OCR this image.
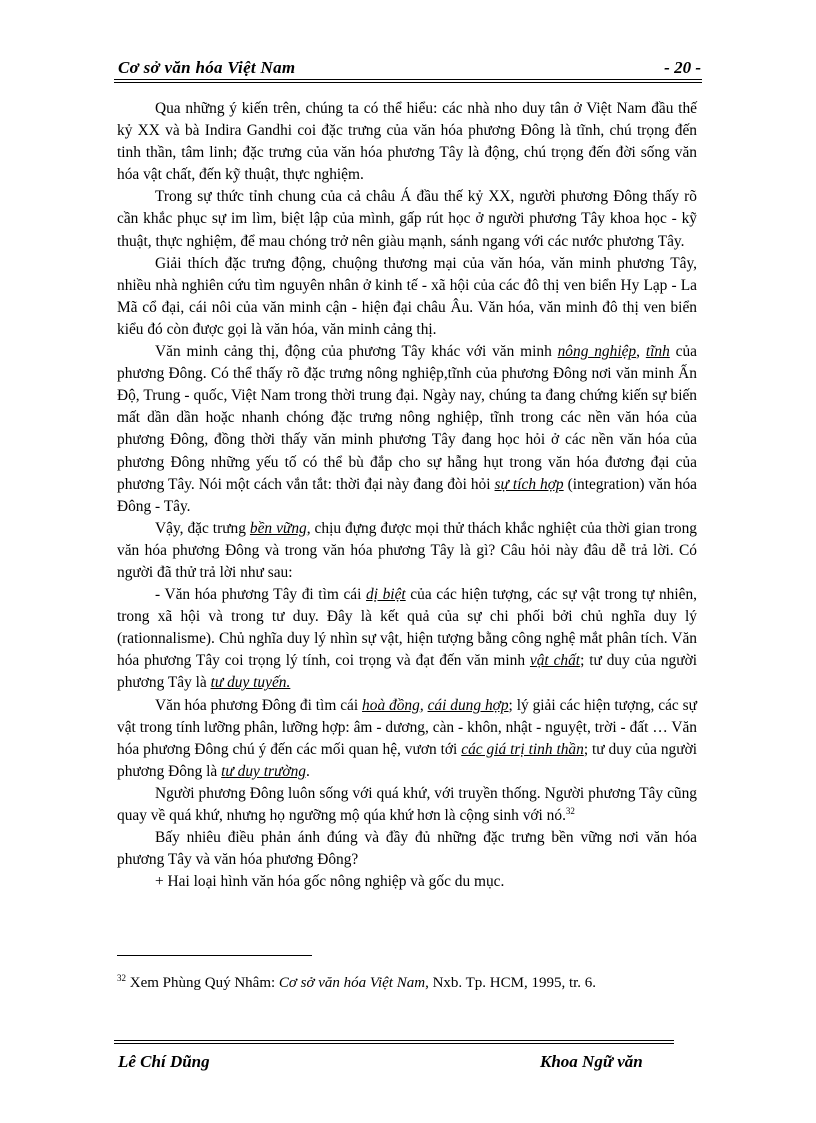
Cơ sở văn hóa Việt Nam	- 20 -

Qua những ý kiến trên, chúng ta có thể hiểu: các nhà nho duy tân ở Việt Nam đầu thế kỷ XX và bà Indira Gandhi coi đặc trưng của văn hóa phương Đông là tĩnh, chú trọng đến tinh thần, tâm linh; đặc trưng của văn hóa phương Tây là động, chú trọng đến đời sống văn hóa vật chất, đến kỹ thuật, thực nghiệm.

Trong sự thức tỉnh chung của cả châu Á đầu thế kỷ XX, người phương Đông thấy rõ cần khắc phục sự im lìm, biệt lập của mình, gấp rút học ở người phương Tây khoa học - kỹ thuật, thực nghiệm, để mau chóng trở nên giàu mạnh, sánh ngang với các nước phương Tây.

Giải thích đặc trưng động, chuộng thương mại của văn hóa, văn minh phương Tây, nhiều nhà nghiên cứu tìm nguyên nhân ở kinh tế - xã hội của các đô thị ven biển Hy Lạp - La Mã cổ đại, cái nôi của văn minh cận - hiện đại châu Âu. Văn hóa, văn minh đô thị ven biển kiểu đó còn được gọi là văn hóa, văn minh cảng thị.

Văn minh cảng thị, động của phương Tây khác với văn minh nông nghiệp, tĩnh của phương Đông. Có thể thấy rõ đặc trưng nông nghiệp,tĩnh của phương Đông nơi văn minh Ấn Độ, Trung - quốc, Việt Nam trong thời trung đại. Ngày nay, chúng ta đang chứng kiến sự biến mất dần dần hoặc nhanh chóng đặc trưng nông nghiệp, tĩnh trong các nền văn hóa của phương Đông, đồng thời thấy văn minh phương Tây đang học hỏi ở các nền văn hóa của phương Đông những yếu tố có thể bù đắp cho sự hẫng hụt trong văn hóa đương đại của phương Tây. Nói một cách vắn tắt: thời đại này đang đòi hỏi sự tích hợp (integration) văn hóa Đông - Tây.

Vậy, đặc trưng bền vững, chịu đựng được mọi thử thách khắc nghiệt của thời gian trong văn hóa phương Đông và trong văn hóa phương Tây là gì? Câu hỏi này đâu dễ trả lời. Có người đã thử trả lời như sau:

- Văn hóa phương Tây đi tìm cái dị biệt của các hiện tượng, các sự vật trong tự nhiên, trong xã hội và trong tư duy. Đây là kết quả của sự chi phối bởi chủ nghĩa duy lý (rationnalisme). Chủ nghĩa duy lý nhìn sự vật, hiện tượng bằng công nghệ mắt phân tích. Văn hóa phương Tây coi trọng lý tính, coi trọng và đạt đến văn minh vật chất; tư duy của người phương Tây là tư duy tuyến.

Văn hóa phương Đông đi tìm cái hoà đồng, cái dung hợp; lý giải các hiện tượng, các sự vật trong tính lưỡng phân, lưỡng hợp: âm - dương, càn - khôn, nhật - nguyệt, trời - đất … Văn hóa phương Đông chú ý đến các mối quan hệ, vươn tới các giá trị tinh thần; tư duy của người phương Đông là tư duy trường.

Người phương Đông luôn sống với quá khứ, với truyền thống. Người phương Tây cũng quay về quá khứ, nhưng họ ngưỡng mộ qúa khứ hơn là cộng sinh với nó.$^{32}$

Bấy nhiêu điều phản ánh đúng và đầy đủ những đặc trưng bền vững nơi văn hóa phương Tây và văn hóa phương Đông?

+ Hai loại hình văn hóa gốc nông nghiệp và gốc du mục.

$^{32}$ Xem Phùng Quý Nhâm: Cơ sở văn hóa Việt Nam, Nxb. Tp. HCM, 1995, tr. 6.
Lê Chí Dũng	Khoa Ngữ văn
